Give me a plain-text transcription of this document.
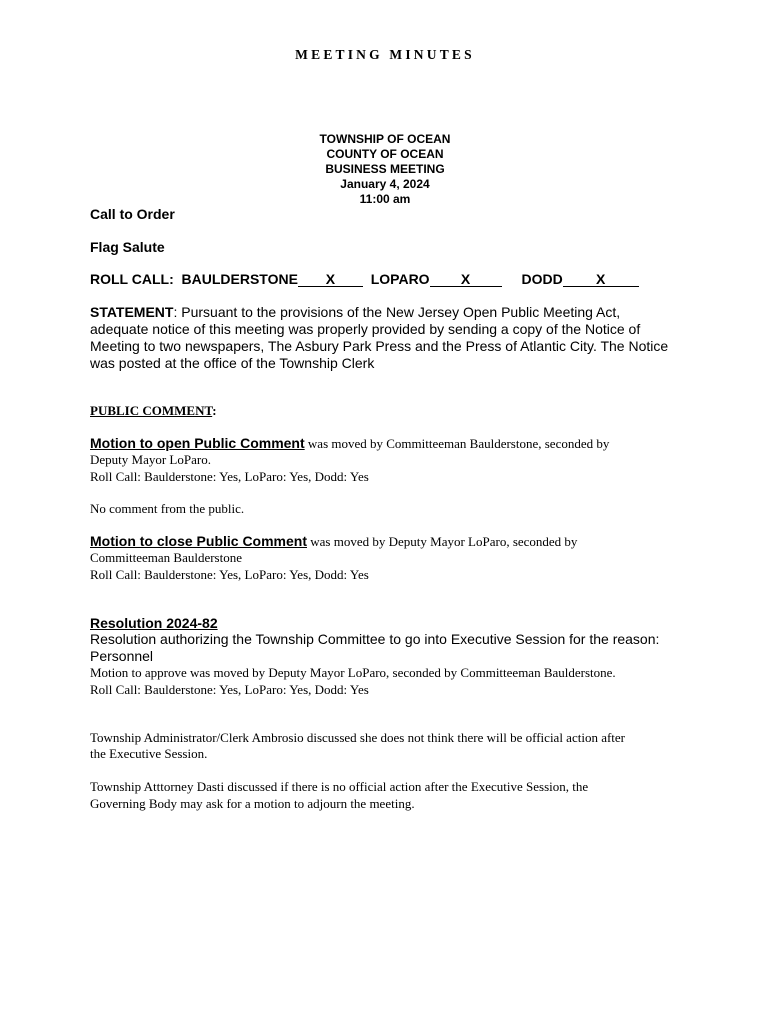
MEETING MINUTES
TOWNSHIP OF OCEAN
COUNTY OF OCEAN
BUSINESS MEETING
January 4, 2024
11:00 am
Call to Order
Flag Salute
ROLL CALL: BAULDERSTONE X	LOPARO X	DODD X
STATEMENT: Pursuant to the provisions of the New Jersey Open Public Meeting Act,
adequate notice of this meeting was properly provided by sending a copy of the Notice of
Meeting to two newspapers, The Asbury Park Press and the Press of Atlantic City. The Notice
was posted at the office of the Township Clerk
PUBLIC COMMENT:
Motion to open Public Comment was moved by Committeeman Baulderstone, seconded by
Deputy Mayor LoParo.
Roll Call: Baulderstone: Yes, LoParo: Yes, Dodd: Yes
No comment from the public.
Motion to close Public Comment was moved by Deputy Mayor LoParo, seconded by
Committeeman Baulderstone
Roll Call: Baulderstone: Yes, LoParo: Yes, Dodd: Yes
Resolution 2024-82
Resolution authorizing the Township Committee to go into Executive Session for the reason:
Personnel
Motion to approve was moved by Deputy Mayor LoParo, seconded by Committeeman Baulderstone.
Roll Call: Baulderstone: Yes, LoParo: Yes, Dodd: Yes
Township Administrator/Clerk Ambrosio discussed she does not think there will be official action after
the Executive Session.
Township Atttorney Dasti discussed if there is no official action after the Executive Session, the
Governing Body may ask for a motion to adjourn the meeting.
